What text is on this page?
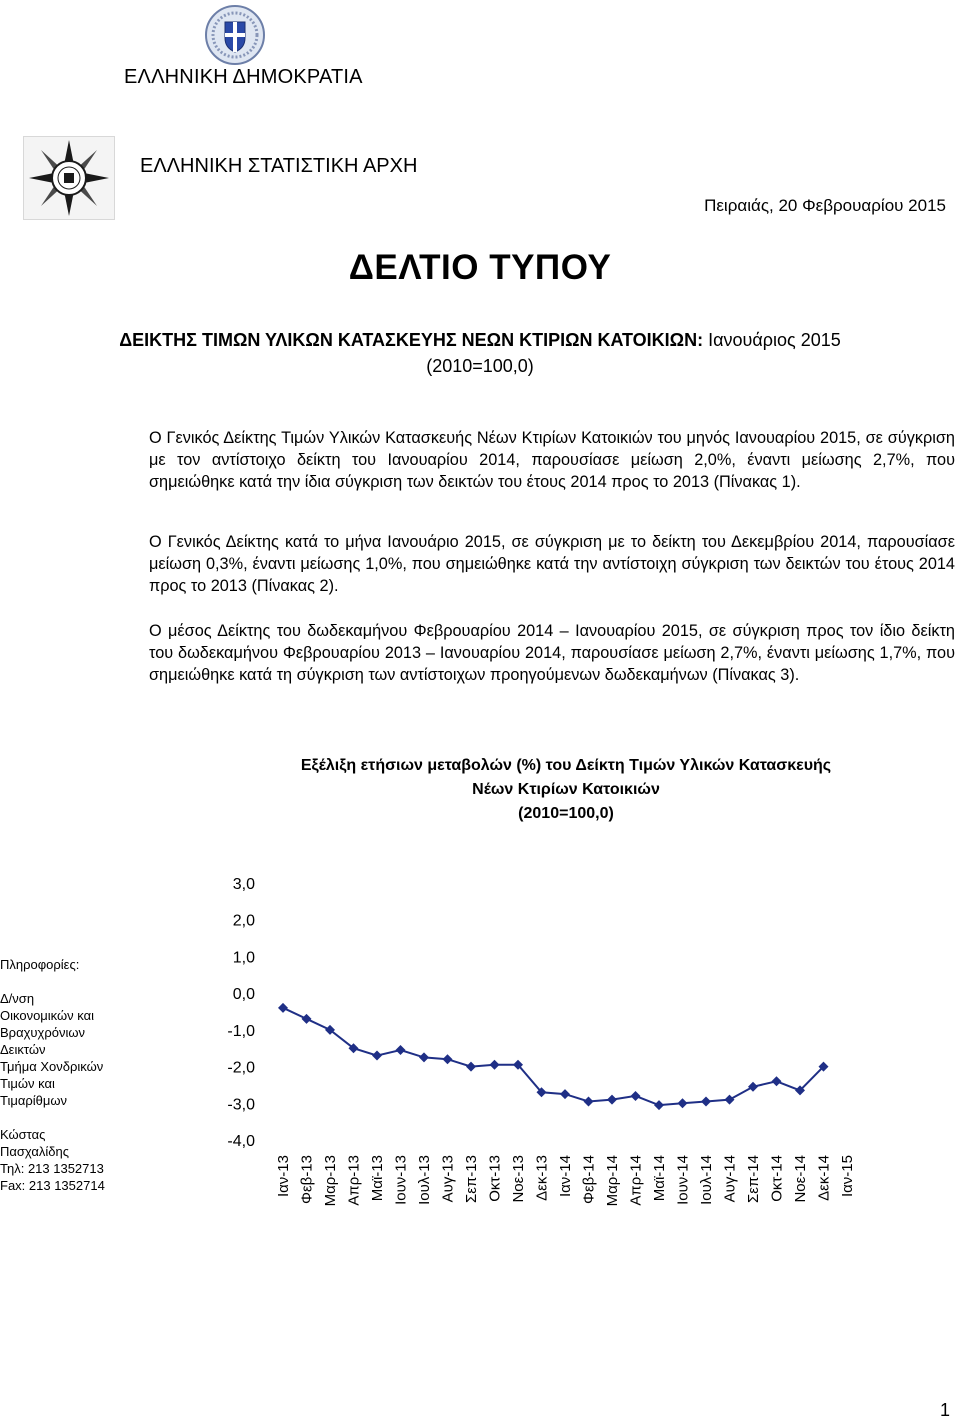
ΕΛΛΗΝΙΚΗ ΔΗΜΟΚΡΑΤΙΑ
ΕΛΛΗΝΙΚΗ ΣΤΑΤΙΣΤΙΚΗ ΑΡΧΗ
Πειραιάς, 20 Φεβρουαρίου 2015
ΔΕΛΤΙΟ ΤΥΠΟΥ
ΔΕΙΚΤΗΣ ΤΙΜΩΝ ΥΛΙΚΩΝ ΚΑΤΑΣΚΕΥΗΣ ΝΕΩΝ ΚΤΙΡΙΩΝ ΚΑΤΟΙΚΙΩΝ: Ιανουάριος 2015
(2010=100,0)

Ο Γενικός Δείκτης Τιμών Υλικών Κατασκευής Νέων Κτιρίων Κατοικιών του μηνός Ιανουαρίου 2015, σε σύγκριση με τον αντίστοιχο δείκτη του Ιανουαρίου 2014, παρουσίασε μείωση 2,0%, έναντι μείωσης 2,7%, που σημειώθηκε κατά την ίδια σύγκριση των δεικτών του έτους 2014 προς το 2013 (Πίνακας 1).

Ο Γενικός Δείκτης κατά το μήνα Ιανουάριο 2015, σε σύγκριση με το δείκτη του Δεκεμβρίου 2014, παρουσίασε μείωση 0,3%, έναντι μείωσης 1,0%, που σημειώθηκε κατά την αντίστοιχη σύγκριση των δεικτών του έτους 2014 προς το 2013 (Πίνακας 2).

Ο μέσος Δείκτης του δωδεκαμήνου Φεβρουαρίου 2014 – Ιανουαρίου 2015, σε σύγκριση προς τον ίδιο δείκτη του δωδεκαμήνου Φεβρουαρίου 2013 – Ιανουαρίου 2014, παρουσίασε μείωση 2,7%, έναντι μείωσης 1,7%, που σημειώθηκε κατά τη σύγκριση των αντίστοιχων προηγούμενων δωδεκαμήνων (Πίνακας 3).

Εξέλιξη ετήσιων μεταβολών (%) του Δείκτη Τιμών Υλικών Κατασκευής
Νέων Κτιρίων Κατοικιών
(2010=100,0)
Πληροφορίες:
Δ/νση
Οικονομικών και
Βραχυχρόνιων
Δεικτών
Τμήμα Χονδρικών
Τιμών και
Τιμαρίθμων
Κώστας
Πασχαλίδης
Τηλ: 213 1352713
Fax: 213 1352714
3,0
2,0
1,0
0,0
-1,0
-2,0
-3,0
-4,0
Ιαν-13 Φεβ-13 Μαρ-13 Απρ-13 Μαϊ-13 Ιουν-13 Ιουλ-13 Αυγ-13 Σεπ-13 Οκτ-13 Νοε-13 Δεκ-13 Ιαν-14 Φεβ-14 Μαρ-14 Απρ-14 Μαϊ-14 Ιουν-14 Ιουλ-14 Αυγ-14 Σεπ-14 Οκτ-14 Νοε-14 Δεκ-14 Ιαν-15
1
